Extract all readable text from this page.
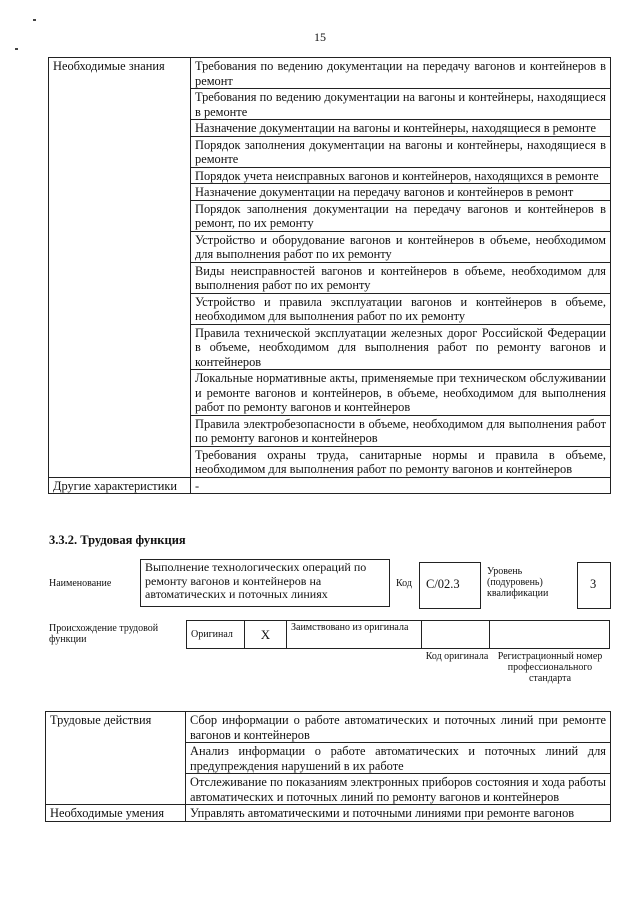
15
Необходимые знания	Требования по ведению документации на передачу вагонов и контейнеров в ремонт
	Требования по ведению документации на вагоны и контейнеры, находящиеся в ремонте
	Назначение документации на вагоны и контейнеры, находящиеся в ремонте
	Порядок заполнения документации на вагоны и контейнеры, находящиеся в ремонте
	Порядок учета неисправных вагонов и контейнеров, находящихся в ремонте
	Назначение документации на передачу вагонов и контейнеров в ремонт
	Порядок заполнения документации на передачу вагонов и контейнеров в ремонт, по их ремонту
	Устройство и оборудование вагонов и контейнеров в объеме, необходимом для выполнения работ по их ремонту
	Виды неисправностей вагонов и контейнеров в объеме, необходимом для выполнения работ по их ремонту
	Устройство и правила эксплуатации вагонов и контейнеров в объеме, необходимом для выполнения работ по их ремонту
	Правила технической эксплуатации железных дорог Российской Федерации в объеме, необходимом для выполнения работ по ремонту вагонов и контейнеров
	Локальные нормативные акты, применяемые при техническом обслуживании и ремонте вагонов и контейнеров, в объеме, необходимом для выполнения работ по ремонту вагонов и контейнеров
	Правила электробезопасности в объеме, необходимом для выполнения работ по ремонту вагонов и контейнеров
	Требования охраны труда, санитарные нормы и правила в объеме, необходимом для выполнения работ по ремонту вагонов и контейнеров
Другие характеристики	-
3.3.2. Трудовая функция
Наименование
Выполнение технологических операций по ремонту вагонов и контейнеров на автоматических и поточных линиях
Код С/02.3
Уровень (подуровень) квалификации
3
Происхождение трудовой функции	Оригинал	X	Заимствовано из оригинала		
Код оригинала Регистрационный номер профессионального стандарта
Трудовые действия	Сбор информации о работе автоматических и поточных линий при ремонте вагонов и контейнеров
	Анализ информации о работе автоматических и поточных линий для предупреждения нарушений в их работе
	Отслеживание по показаниям электронных приборов состояния и хода работы автоматических и поточных линий по ремонту вагонов и контейнеров
Необходимые умения	Управлять автоматическими и поточными линиями при ремонте вагонов
